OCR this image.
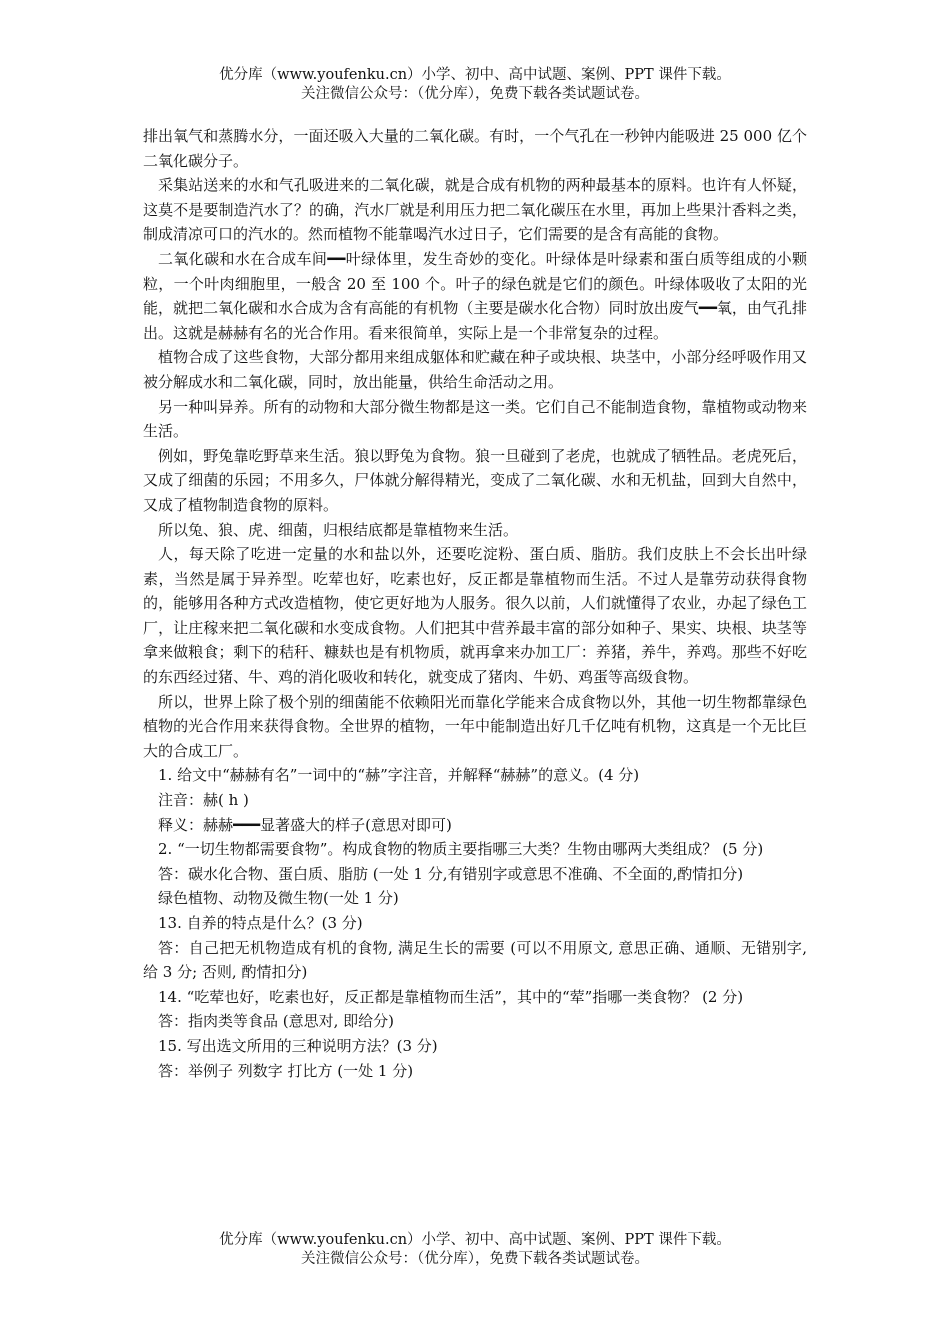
优分库（www.youfenku.cn）小学、初中、高中试题、案例、PPT 课件下载。
关注微信公众号：（优分库），免费下载各类试题试卷。

排出氧气和蒸腾水分，一面还吸入大量的二氧化碳。有时，一个气孔在一秒钟内能吸进 25 000 亿个二氧化碳分子。

采集站送来的水和气孔吸进来的二氧化碳，就是合成有机物的两种最基本的原料。也许有人怀疑，这莫不是要制造汽水了？的确，汽水厂就是利用压力把二氧化碳压在水里，再加上些果汁香料之类，制成清凉可口的汽水的。然而植物不能靠喝汽水过日子，它们需要的是含有高能的食物。

二氧化碳和水在合成车间━━叶绿体里，发生奇妙的变化。叶绿体是叶绿素和蛋白质等组成的小颗粒，一个叶肉细胞里，一般含 20 至 100 个。叶子的绿色就是它们的颜色。叶绿体吸收了太阳的光能，就把二氧化碳和水合成为含有高能的有机物（主要是碳水化合物）同时放出废气━━氧，由气孔排出。这就是赫赫有名的光合作用。看来很简单，实际上是一个非常复杂的过程。

植物合成了这些食物，大部分都用来组成躯体和贮藏在种子或块根、块茎中，小部分经呼吸作用又被分解成水和二氧化碳，同时，放出能量，供给生命活动之用。

另一种叫异养。所有的动物和大部分微生物都是这一类。它们自己不能制造食物，靠植物或动物来生活。

例如，野兔靠吃野草来生活。狼以野兔为食物。狼一旦碰到了老虎，也就成了牺牲品。老虎死后，又成了细菌的乐园；不用多久，尸体就分解得精光，变成了二氧化碳、水和无机盐，回到大自然中，又成了植物制造食物的原料。

所以兔、狼、虎、细菌，归根结底都是靠植物来生活。

人，每天除了吃进一定量的水和盐以外，还要吃淀粉、蛋白质、脂肪。我们皮肤上不会长出叶绿素，当然是属于异养型。吃荤也好，吃素也好，反正都是靠植物而生活。不过人是靠劳动获得食物的，能够用各种方式改造植物，使它更好地为人服务。很久以前，人们就懂得了农业，办起了绿色工厂，让庄稼来把二氧化碳和水变成食物。人们把其中营养最丰富的部分如种子、果实、块根、块茎等拿来做粮食；剩下的秸秆、糠麸也是有机物质，就再拿来办加工厂：养猪，养牛，养鸡。那些不好吃的东西经过猪、牛、鸡的消化吸收和转化，就变成了猪肉、牛奶、鸡蛋等高级食物。

所以，世界上除了极个别的细菌能不依赖阳光而靠化学能来合成食物以外，其他一切生物都靠绿色植物的光合作用来获得食物。全世界的植物，一年中能制造出好几千亿吨有机物，这真是一个无比巨大的合成工厂。

1. 给文中“赫赫有名”一词中的“赫”字注音，并解释“赫赫”的意义。(4 分)

注音：赫( h )

释义：赫赫━━━显著盛大的样子(意思对即可)

2. “一切生物都需要食物”。构成食物的物质主要指哪三大类？生物由哪两大类组成？ (5 分)

答：碳水化合物、蛋白质、脂肪 (一处 1 分,有错别字或意思不准确、不全面的,酌情扣分)

绿色植物、动物及微生物(一处 1 分)

13. 自养的特点是什么？(3 分)

答：自己把无机物造成有机的食物, 满足生长的需要 (可以不用原文, 意思正确、通顺、无错别字, 给 3 分; 否则, 酌情扣分)

14. “吃荤也好，吃素也好，反正都是靠植物而生活”，其中的“荤”指哪一类食物？ (2 分)

答：指肉类等食品 (意思对, 即给分)

15. 写出选文所用的三种说明方法？(3 分)

答：举例子 列数字 打比方 (一处 1 分)

优分库（www.youfenku.cn）小学、初中、高中试题、案例、PPT 课件下载。
关注微信公众号：（优分库），免费下载各类试题试卷。
